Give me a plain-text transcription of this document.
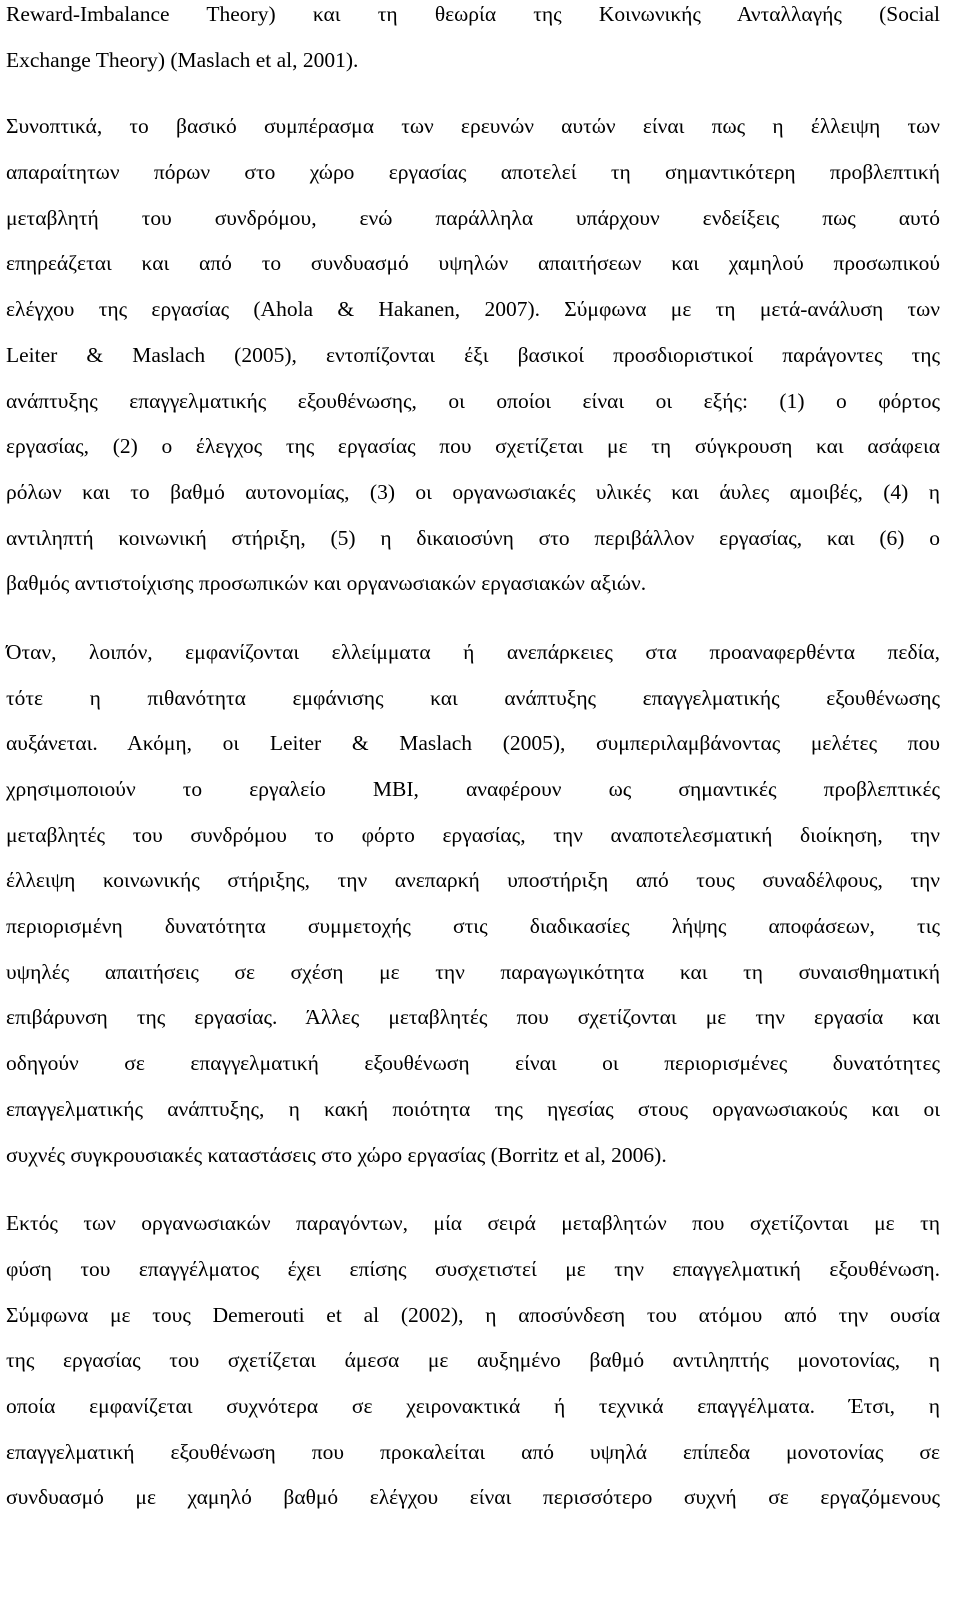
Reward-Imbalance Theory) και τη θεωρία της Κοινωνικής Ανταλλαγής (Social
Exchange Theory) (Maslach et al, 2001).
Συνοπτικά, το βασικό συμπέρασμα των ερευνών αυτών είναι πως η έλλειψη των
απαραίτητων πόρων στο χώρο εργασίας αποτελεί τη σημαντικότερη προβλεπτική
μεταβλητή του συνδρόμου, ενώ παράλληλα υπάρχουν ενδείξεις πως αυτό
επηρεάζεται και από το συνδυασμό υψηλών απαιτήσεων και χαμηλού προσωπικού
ελέγχου της εργασίας (Ahola & Hakanen, 2007). Σύμφωνα με τη μετά-ανάλυση των
Leiter & Maslach (2005), εντοπίζονται έξι βασικοί προσδιοριστικοί παράγοντες της
ανάπτυξης επαγγελματικής εξουθένωσης, οι οποίοι είναι οι εξής: (1) ο φόρτος
εργασίας, (2) ο έλεγχος της εργασίας που σχετίζεται με τη σύγκρουση και ασάφεια
ρόλων και το βαθμό αυτονομίας, (3) οι οργανωσιακές υλικές και άυλες αμοιβές, (4) η
αντιληπτή κοινωνική στήριξη, (5) η δικαιοσύνη στο περιβάλλον εργασίας, και (6) ο
βαθμός αντιστοίχισης προσωπικών και οργανωσιακών εργασιακών αξιών.
Όταν, λοιπόν, εμφανίζονται ελλείμματα ή ανεπάρκειες στα προαναφερθέντα πεδία,
τότε η πιθανότητα εμφάνισης και ανάπτυξης επαγγελματικής εξουθένωσης
αυξάνεται. Ακόμη, οι Leiter & Maslach (2005), συμπεριλαμβάνοντας μελέτες που
χρησιμοποιούν το εργαλείο MBI, αναφέρουν ως σημαντικές προβλεπτικές
μεταβλητές του συνδρόμου το φόρτο εργασίας, την αναποτελεσματική διοίκηση, την
έλλειψη κοινωνικής στήριξης, την ανεπαρκή υποστήριξη από τους συναδέλφους, την
περιορισμένη δυνατότητα συμμετοχής στις διαδικασίες λήψης αποφάσεων, τις
υψηλές απαιτήσεις σε σχέση με την παραγωγικότητα και τη συναισθηματική
επιβάρυνση της εργασίας. Άλλες μεταβλητές που σχετίζονται με την εργασία και
οδηγούν σε επαγγελματική εξουθένωση είναι οι περιορισμένες δυνατότητες
επαγγελματικής ανάπτυξης, η κακή ποιότητα της ηγεσίας στους οργανωσιακούς και οι
συχνές συγκρουσιακές καταστάσεις στο χώρο εργασίας (Borritz et al, 2006).
Εκτός των οργανωσιακών παραγόντων, μία σειρά μεταβλητών που σχετίζονται με τη
φύση του επαγγέλματος έχει επίσης συσχετιστεί με την επαγγελματική εξουθένωση.
Σύμφωνα με τους Demerouti et al (2002), η αποσύνδεση του ατόμου από την ουσία
της εργασίας του σχετίζεται άμεσα με αυξημένο βαθμό αντιληπτής μονοτονίας, η
οποία εμφανίζεται συχνότερα σε χειρονακτικά ή τεχνικά επαγγέλματα. Έτσι, η
επαγγελματική εξουθένωση που προκαλείται από υψηλά επίπεδα μονοτονίας σε
συνδυασμό με χαμηλό βαθμό ελέγχου είναι περισσότερο συχνή σε εργαζόμενους
